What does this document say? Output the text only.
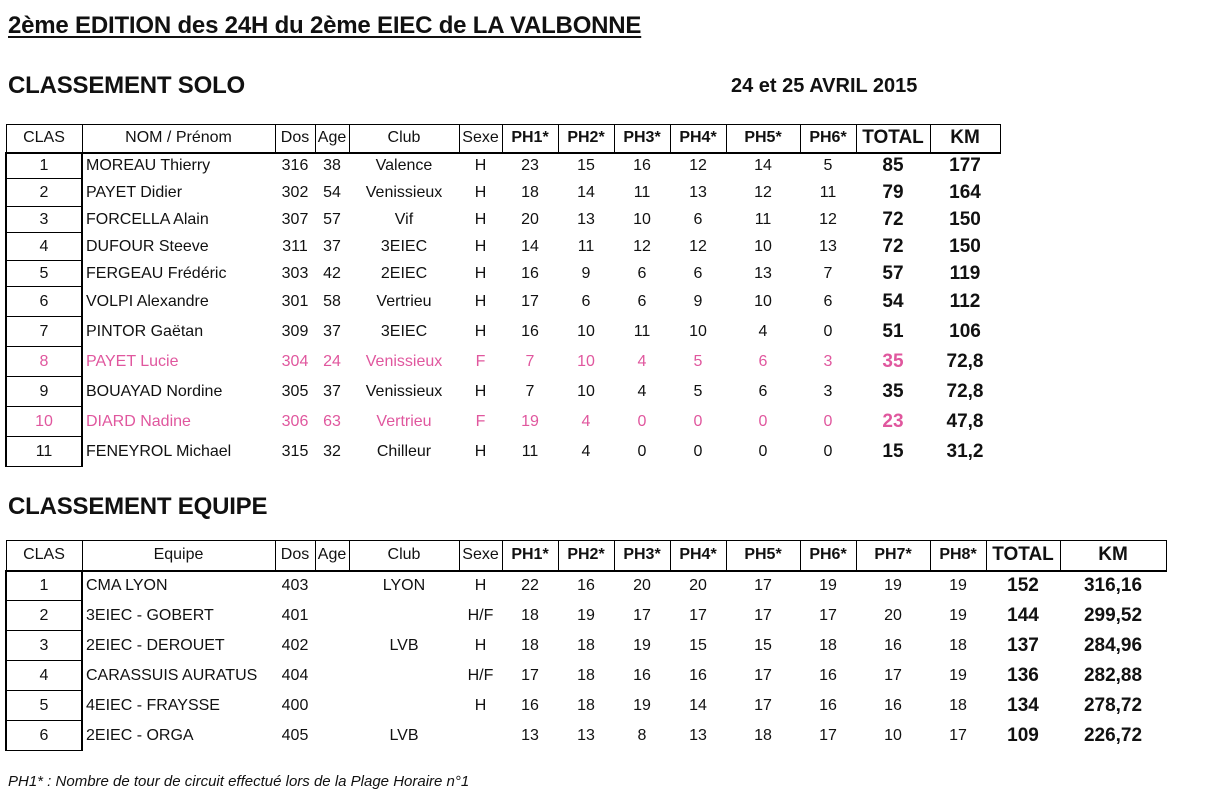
2ème EDITION des 24H du 2ème EIEC de LA VALBONNE
CLASSEMENT SOLO	24 et 25 AVRIL 2015
CLAS	NOM / Prénom	Dos	Age	Club	Sexe	PH1*	PH2*	PH3*	PH4*	PH5*	PH6*	TOTAL	KM
1	MOREAU Thierry	316	38	Valence	H	23	15	16	12	14	5	85	177
2	PAYET Didier	302	54	Venissieux	H	18	14	11	13	12	11	79	164
3	FORCELLA Alain	307	57	Vif	H	20	13	10	6	11	12	72	150
4	DUFOUR Steeve	311	37	3EIEC	H	14	11	12	12	10	13	72	150
5	FERGEAU Frédéric	303	42	2EIEC	H	16	9	6	6	13	7	57	119
6	VOLPI Alexandre	301	58	Vertrieu	H	17	6	6	9	10	6	54	112
7	PINTOR Gaëtan	309	37	3EIEC	H	16	10	11	10	4	0	51	106
8	PAYET Lucie	304	24	Venissieux	F	7	10	4	5	6	3	35	72,8
9	BOUAYAD Nordine	305	37	Venissieux	H	7	10	4	5	6	3	35	72,8
10	DIARD Nadine	306	63	Vertrieu	F	19	4	0	0	0	0	23	47,8
11	FENEYROL Michael	315	32	Chilleur	H	11	4	0	0	0	0	15	31,2
CLASSEMENT EQUIPE
CLAS	Equipe	Dos	Age	Club	Sexe	PH1*	PH2*	PH3*	PH4*	PH5*	PH6*	PH7*	PH8*	TOTAL	KM
1	CMA LYON	403		LYON	H	22	16	20	20	17	19	19	19	152	316,16
2	3EIEC - GOBERT	401			H/F	18	19	17	17	17	17	20	19	144	299,52
3	2EIEC - DEROUET	402		LVB	H	18	18	19	15	15	18	16	18	137	284,96
4	CARASSUIS AURATUS	404			H/F	17	18	16	16	17	16	17	19	136	282,88
5	4EIEC - FRAYSSE	400			H	16	18	19	14	17	16	16	18	134	278,72
6	2EIEC - ORGA	405		LVB		13	13	8	13	18	17	10	17	109	226,72
PH1* : Nombre de tour de circuit effectué lors de la Plage Horaire n°1
